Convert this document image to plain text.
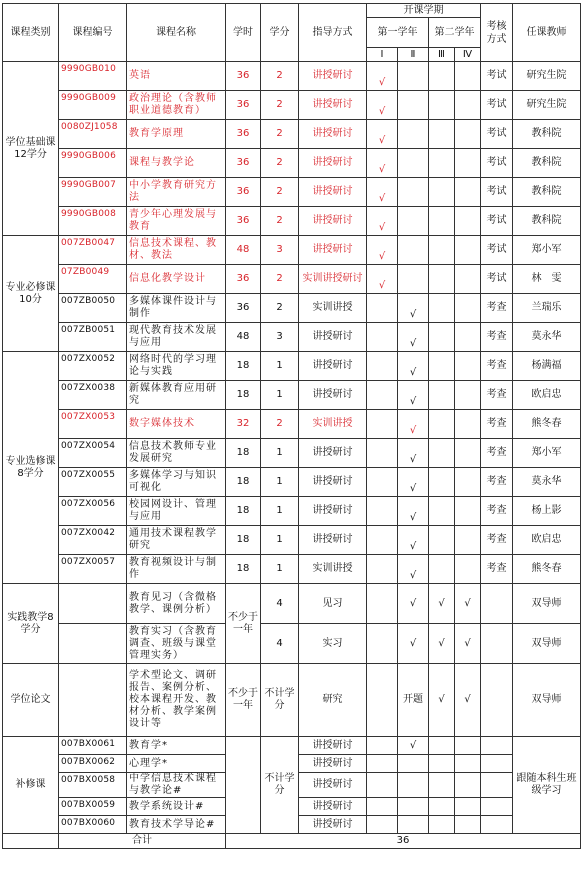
课程类别	课程编号	课程名称	学时	学分	指导方式	开课学期				考核方式	任课教师
						第一学年		第二学年			
						Ⅰ	Ⅱ	Ⅲ	Ⅳ		
学位基础课12学分	9990GB010	英语	36	2	讲授研讨	√				考试	研究生院
	9990GB009	政治理论（含教师职业道德教育）	36	2	讲授研讨	√				考试	研究生院
	0080ZJ1058	教育学原理	36	2	讲授研讨	√				考试	教科院
	9990GB006	课程与教学论	36	2	讲授研讨	√				考试	教科院
	9990GB007	中小学教育研究方法	36	2	讲授研讨	√				考试	教科院
	9990GB008	青少年心理发展与教育	36	2	讲授研讨	√				考试	教科院
专业必修课10分	007ZB0047	信息技术课程、教材、教法	48	3	讲授研讨	√				考试	郑小军
	07ZB0049	信息化教学设计	36	2	实训讲授研讨	√				考试	林　雯
	007ZB0050	多媒体课件设计与制作	36	2	实训讲授		√			考查	兰瑞乐
	007ZB0051	现代教育技术发展与应用	48	3	讲授研讨		√			考查	莫永华
专业选修课8学分	007ZX0052	网络时代的学习理论与实践	18	1	讲授研讨		√			考查	杨满福
	007ZX0038	新媒体教育应用研究	18	1	讲授研讨		√			考查	欧启忠
	007ZX0053	数字媒体技术	32	2	实训讲授		√			考查	熊冬春
	007ZX0054	信息技术教师专业发展研究	18	1	讲授研讨		√			考查	郑小军
	007ZX0055	多媒体学习与知识可视化	18	1	讲授研讨		√			考查	莫永华
	007ZX0056	校园网设计、管理与应用	18	1	讲授研讨		√			考查	杨上影
	007ZX0042	通用技术课程教学研究	18	1	讲授研讨		√			考查	欧启忠
	007ZX0057	教育视频设计与制作	18	1	实训讲授		√			考查	熊冬春
实践教学8学分		教育见习（含微格教学、课例分析）	不少于一年	4	见习		√	√	√		双导师
		教育实习（含教育调查、班级与课堂管理实务）		4	实习		√	√	√		双导师
学位论文		学术型论文、调研报告、案例分析、校本课程开发、教材分析、教学案例设计等	不少于一年	不计学分	研究		开题	√	√		双导师
补修课	007BX0061	教育学*		不计学分	讲授研讨		√				跟随本科生班级学习
	007BX0062	心理学*			讲授研讨						
	007BX0058	中学信息技术课程与教学论#			讲授研讨						
	007BX0059	教学系统设计#			讲授研讨						
	007BX0060	教育技术学导论#			讲授研讨						
	合计		36								
